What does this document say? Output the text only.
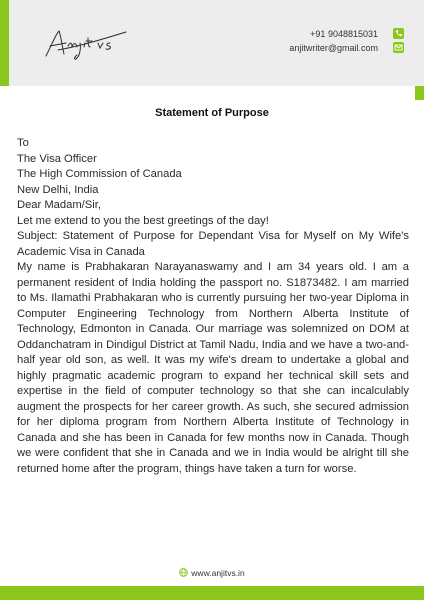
+91 9048815031
anjitwriter@gmail.com
Statement of Purpose
To
The Visa Officer
The High Commission of Canada
New Delhi, India
Dear Madam/Sir,
Let me extend to you the best greetings of the day!

Subject: Statement of Purpose for Dependant Visa for Myself on My Wife's Academic Visa in Canada

My name is Prabhakaran Narayanaswamy and I am 34 years old. I am a permanent resident of India holding the passport no. S1873482. I am married to Ms. Ilamathi Prabhakaran who is currently pursuing her two-year Diploma in Computer Engineering Technology from Northern Alberta Institute of Technology, Edmonton in Canada. Our marriage was solemnized on DOM at Oddanchatram in Dindigul District at Tamil Nadu, India and we have a two-and-half year old son, as well. It was my wife's dream to undertake a global and highly pragmatic academic program to expand her technical skill sets and expertise in the field of computer technology so that she can incalculably augment the prospects for her career growth. As such, she secured admission for her diploma program from Northern Alberta Institute of Technology in Canada and she has been in Canada for few months now in Canada. Though we were confident that she in Canada and we in India would be alright till she returned home after the program, things have taken a turn for worse.

www.anjitvs.in
